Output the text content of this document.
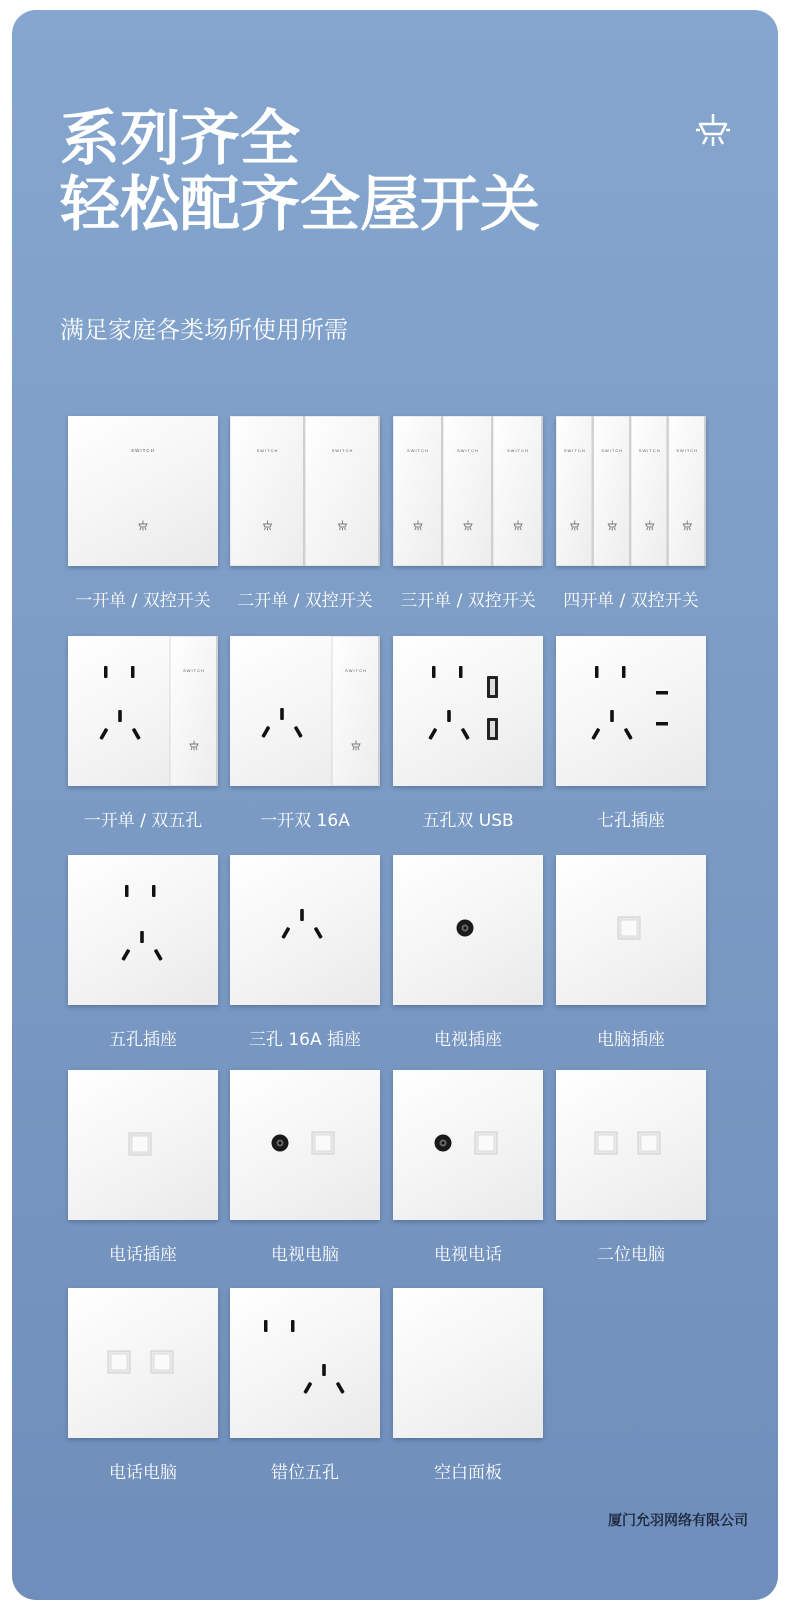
系列齐全
轻松配齐全屋开关

满足家庭各类场所使用所需

SWITCH
一开单 / 双控开关
SWITCH	SWITCH
二开单 / 双控开关
SWITCH	SWITCH	SWITCH
三开单 / 双控开关
SWITCH	SWITCH	SWITCH	SWITCH
四开单 / 双控开关
SWITCH
一开单 / 双五孔
SWITCH
一开双 16A	五孔双 USB	七孔插座
五孔插座	三孔 16A 插座	电视插座	电脑插座
电话插座	电视电脑	电视电话	二位电脑
电话电脑	错位五孔	空白面板
厦门允羽网络有限公司
